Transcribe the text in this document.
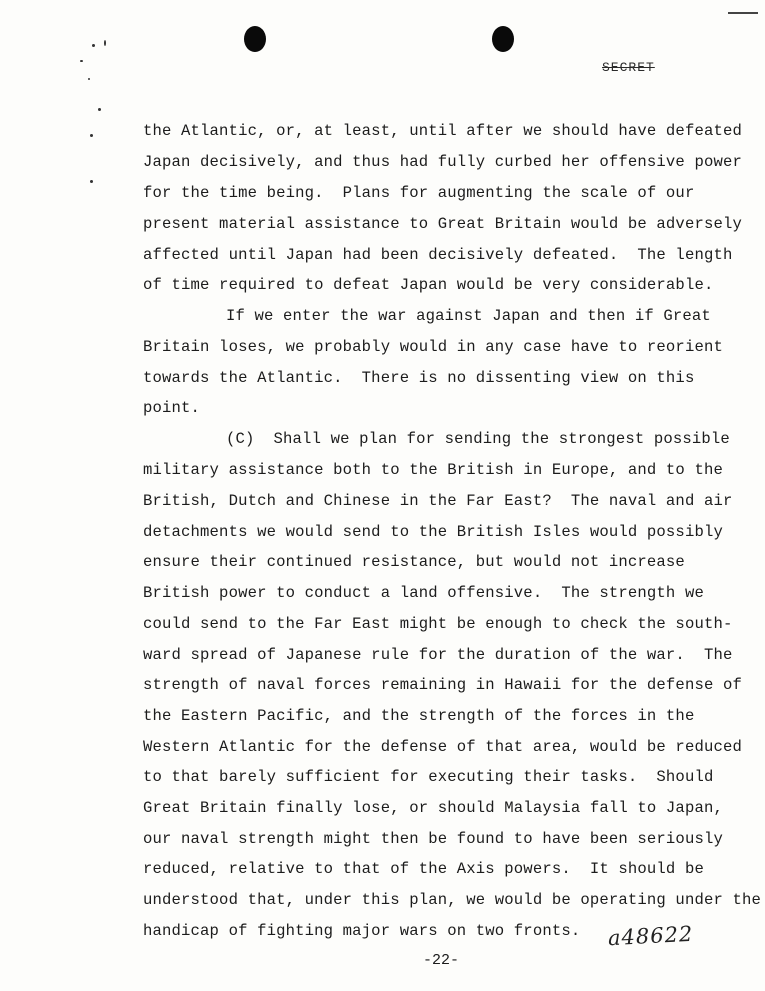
SECRET
the Atlantic, or, at least, until after we should have defeated
Japan decisively, and thus had fully curbed her offensive power
for the time being.  Plans for augmenting the scale of our
present material assistance to Great Britain would be adversely
affected until Japan had been decisively defeated.  The length
of time required to defeat Japan would be very considerable.
If we enter the war against Japan and then if Great
Britain loses, we probably would in any case have to reorient
towards the Atlantic.  There is no dissenting view on this
point.
(C)  Shall we plan for sending the strongest possible
military assistance both to the British in Europe, and to the
British, Dutch and Chinese in the Far East?  The naval and air
detachments we would send to the British Isles would possibly
ensure their continued resistance, but would not increase
British power to conduct a land offensive.  The strength we
could send to the Far East might be enough to check the south-
ward spread of Japanese rule for the duration of the war.  The
strength of naval forces remaining in Hawaii for the defense of
the Eastern Pacific, and the strength of the forces in the
Western Atlantic for the defense of that area, would be reduced
to that barely sufficient for executing their tasks.  Should
Great Britain finally lose, or should Malaysia fall to Japan,
our naval strength might then be found to have been seriously
reduced, relative to that of the Axis powers.  It should be
understood that, under this plan, we would be operating under the
handicap of fighting major wars on two fronts. a48622
-22-
